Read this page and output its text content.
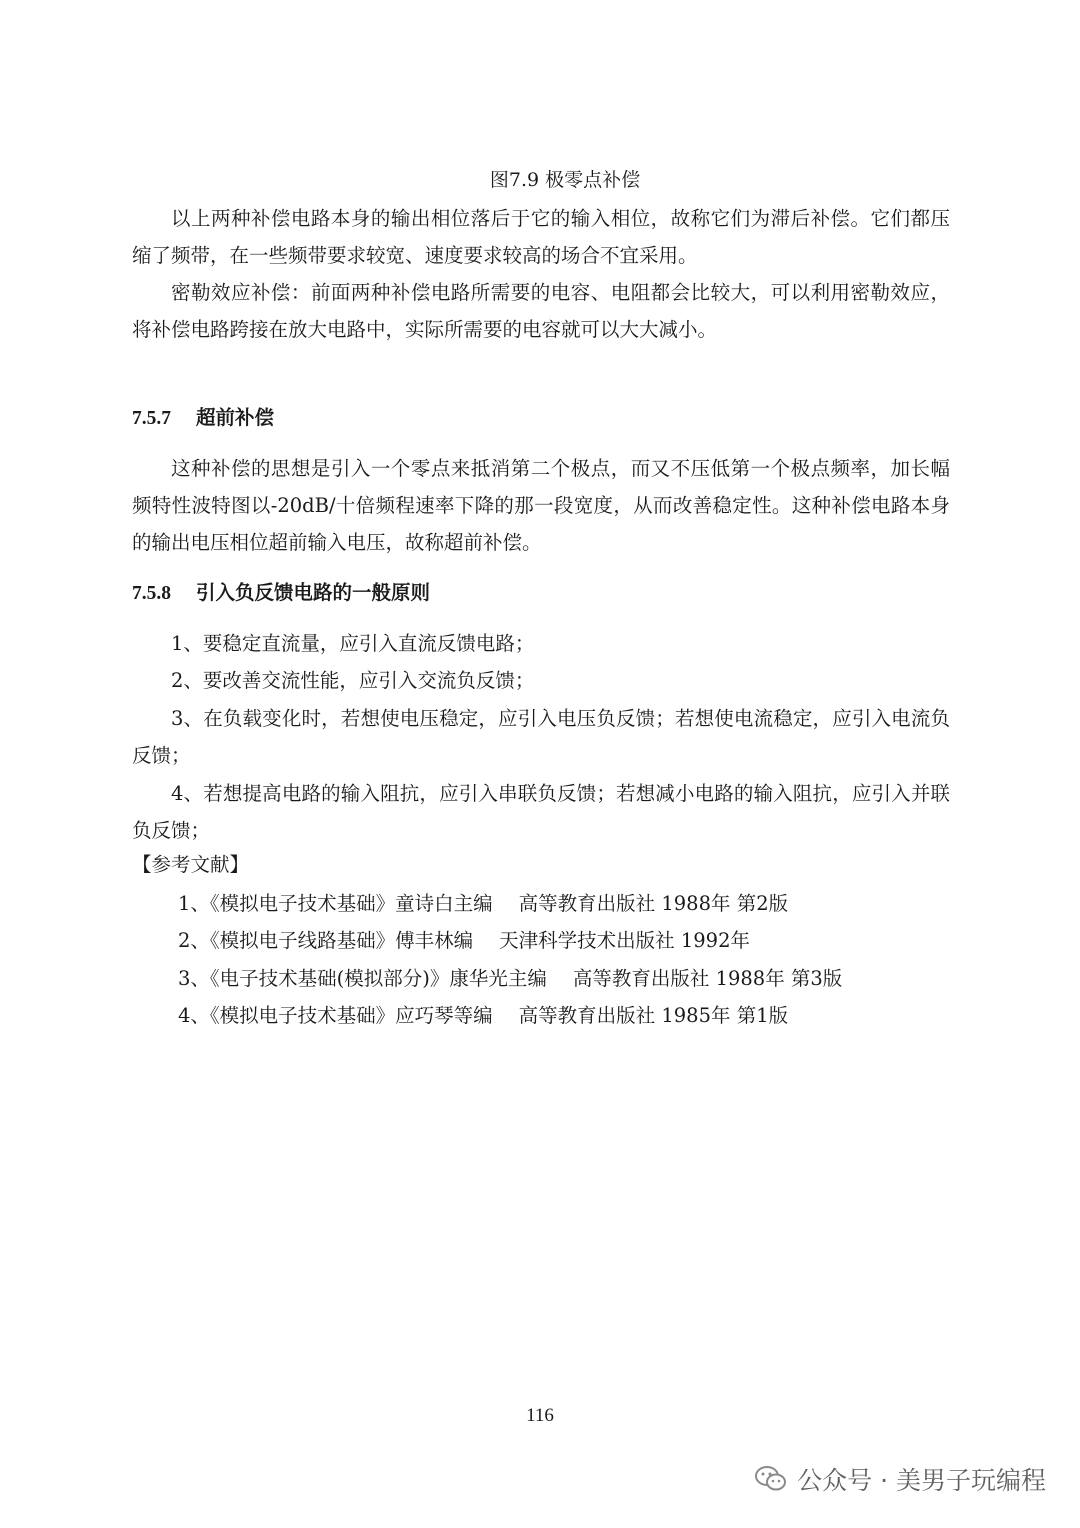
图7.9 极零点补偿

以上两种补偿电路本身的输出相位落后于它的输入相位，故称它们为滞后补偿。它们都压缩了频带，在一些频带要求较宽、速度要求较高的场合不宜采用。

密勒效应补偿：前面两种补偿电路所需要的电容、电阻都会比较大，可以利用密勒效应，将补偿电路跨接在放大电路中，实际所需要的电容就可以大大减小。

7.5.7 超前补偿

这种补偿的思想是引入一个零点来抵消第二个极点，而又不压低第一个极点频率，加长幅频特性波特图以-20dB/十倍频程速率下降的那一段宽度，从而改善稳定性。这种补偿电路本身的输出电压相位超前输入电压，故称超前补偿。

7.5.8 引入负反馈电路的一般原则

1、要稳定直流量，应引入直流反馈电路；

2、要改善交流性能，应引入交流负反馈；

3、在负载变化时，若想使电压稳定，应引入电压负反馈；若想使电流稳定，应引入电流负反馈；

4、若想提高电路的输入阻抗，应引入串联负反馈；若想减小电路的输入阻抗，应引入并联负反馈；

【参考文献】
1、《模拟电子技术基础》童诗白主编 高等教育出版社 1988年 第2版
2、《模拟电子线路基础》傅丰林编 天津科学技术出版社 1992年
3、《电子技术基础(模拟部分)》康华光主编 高等教育出版社 1988年 第3版
4、《模拟电子技术基础》应巧琴等编 高等教育出版社 1985年 第1版
116
公众号 · 美男子玩编程
